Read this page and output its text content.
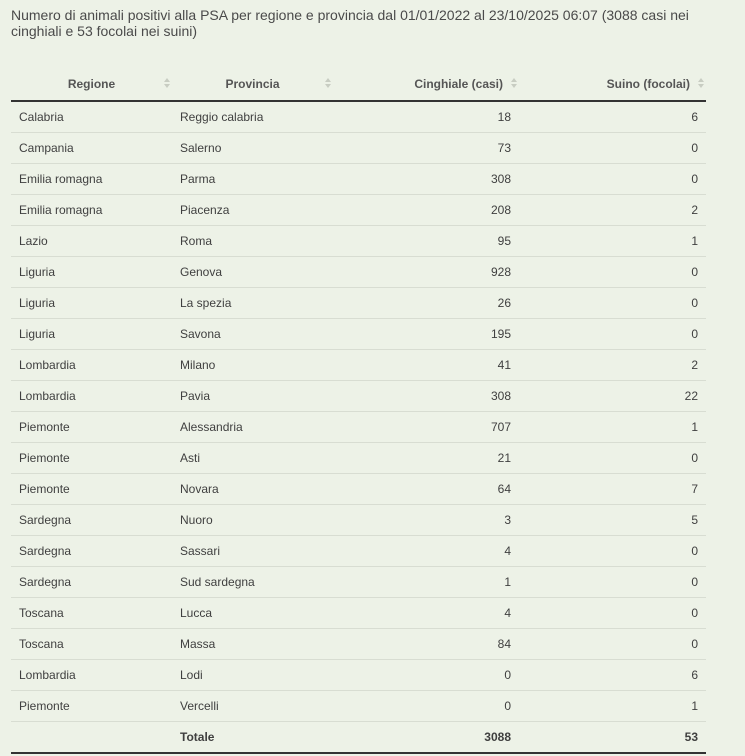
Numero di animali positivi alla PSA per regione e provincia dal 01/01/2022 al 23/10/2025 06:07 (3088 casi nei cinghiali e 53 focolai nei suini)
Regione	Provincia	Cinghiale (casi)	Suino (focolai)

Calabria	Reggio calabria	18	6
Campania	Salerno	73	0
Emilia romagna	Parma	308	0
Emilia romagna	Piacenza	208	2
Lazio	Roma	95	1
Liguria	Genova	928	0
Liguria	La spezia	26	0
Liguria	Savona	195	0
Lombardia	Milano	41	2
Lombardia	Pavia	308	22
Piemonte	Alessandria	707	1
Piemonte	Asti	21	0
Piemonte	Novara	64	7
Sardegna	Nuoro	3	5
Sardegna	Sassari	4	0
Sardegna	Sud sardegna	1	0
Toscana	Lucca	4	0
Toscana	Massa	84	0
Lombardia	Lodi	0	6
Piemonte	Vercelli	0	1
	Totale	3088	53
